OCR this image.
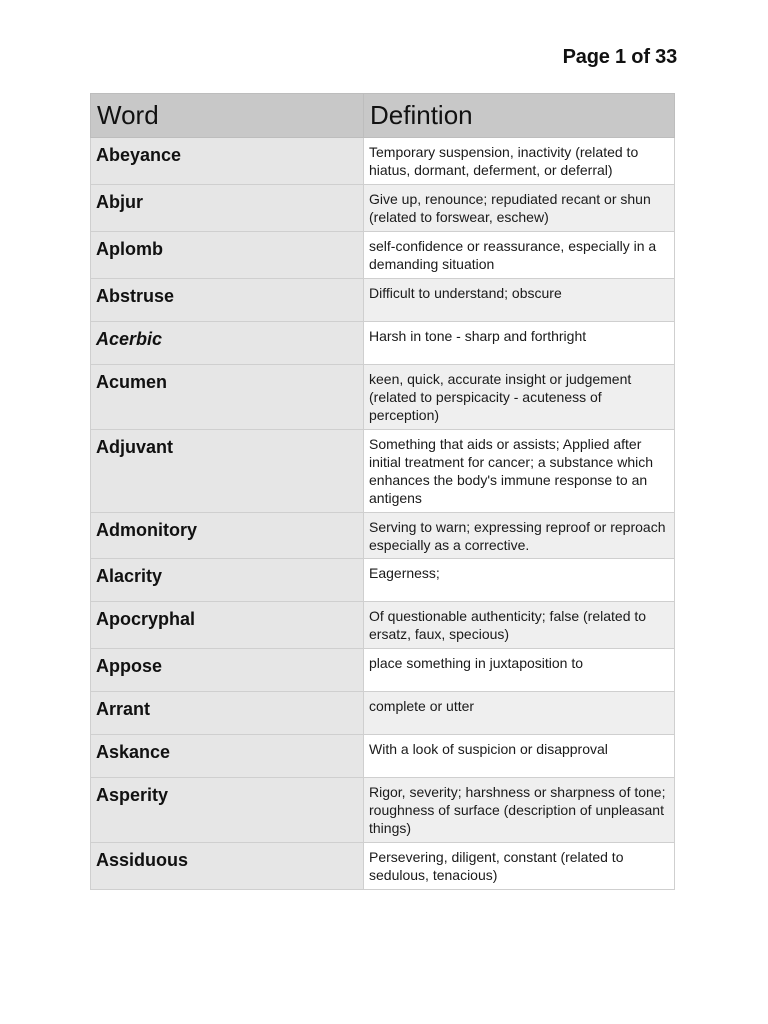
Page 1 of 33
Word	Defintion
Abeyance	Temporary suspension, inactivity (related to hiatus, dormant, deferment, or deferral)
Abjur	Give up, renounce; repudiated recant or shun (related to forswear, eschew)
Aplomb	self-confidence or reassurance, especially in a demanding situation
Abstruse	Difficult to understand; obscure
Acerbic	Harsh in tone - sharp and forthright
Acumen	keen, quick, accurate insight or judgement (related to perspicacity - acuteness of perception)
Adjuvant	Something that aids or assists; Applied after initial treatment for cancer; a substance which enhances the body's immune response to an antigens
Admonitory	Serving to warn; expressing reproof or reproach especially as a corrective.
Alacrity	Eagerness;
Apocryphal	Of questionable authenticity; false (related to ersatz, faux, specious)
Appose	place something in juxtaposition to
Arrant	complete or utter
Askance	With a look of suspicion or disapproval
Asperity	Rigor, severity; harshness or sharpness of tone; roughness of surface (description of unpleasant things)
Assiduous	Persevering, diligent, constant (related to sedulous, tenacious)
